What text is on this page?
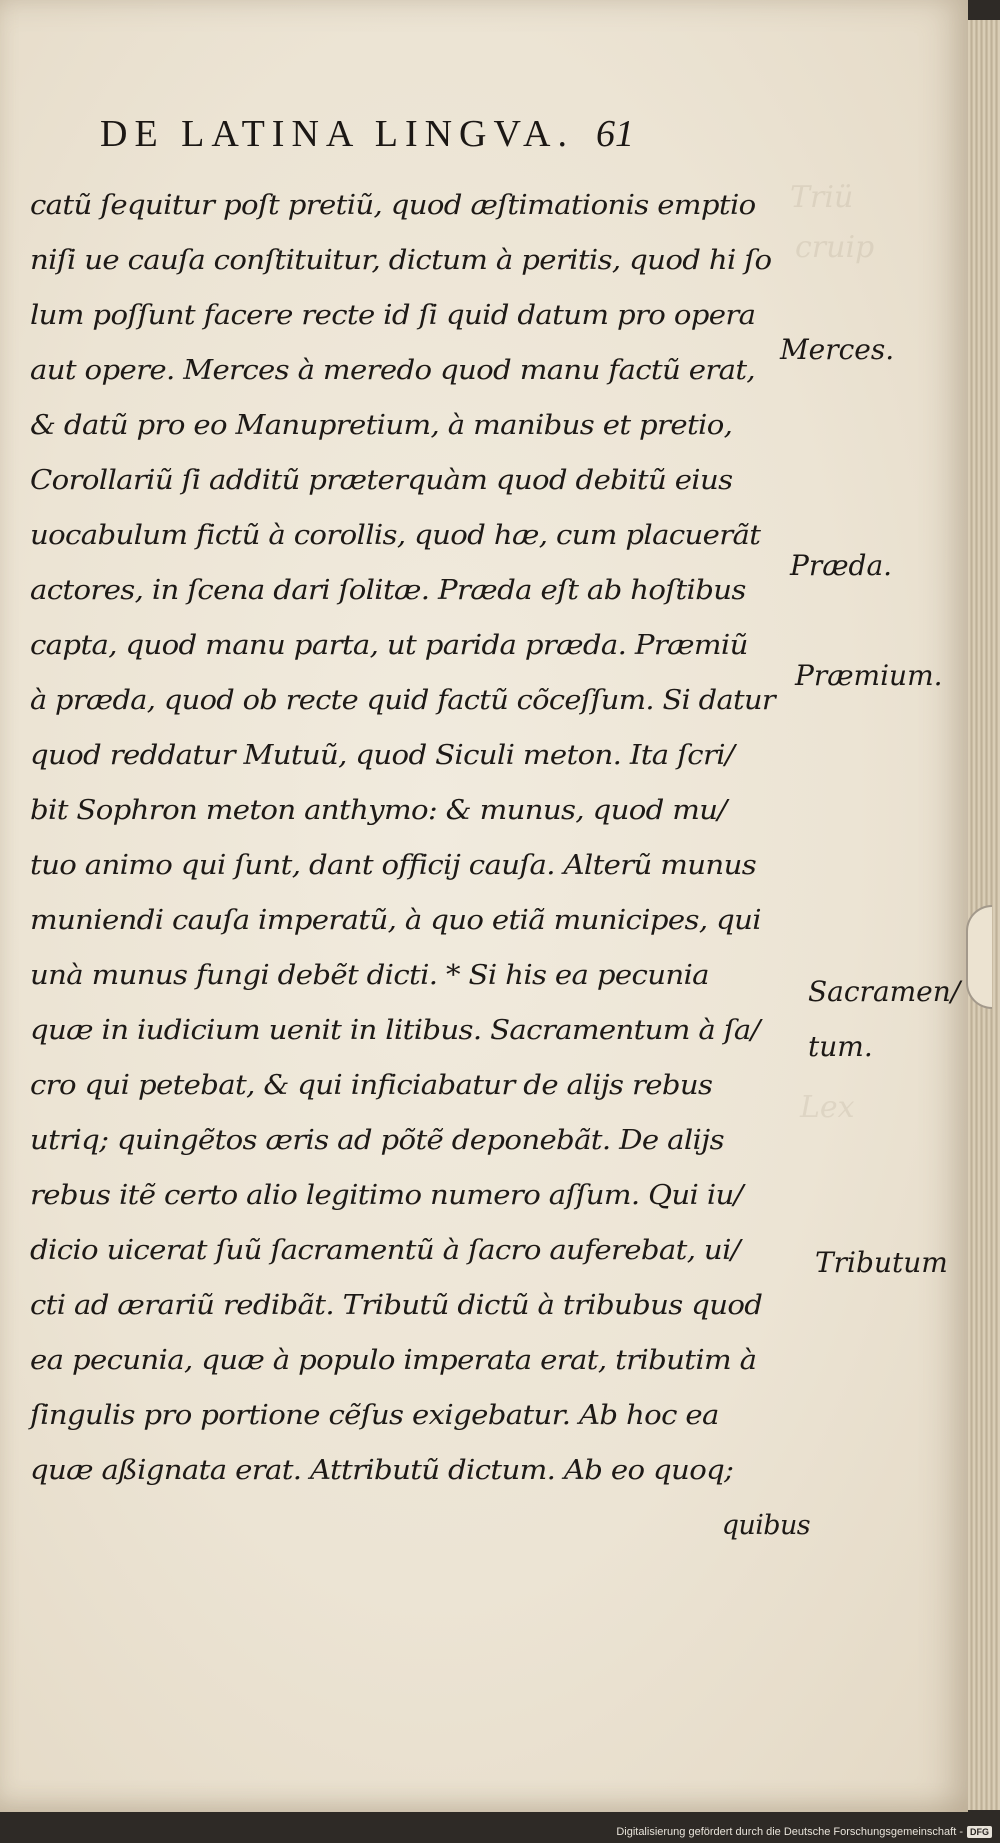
Triü
cruip
Lex
DE LATINA LINGVA. 61
catũ ſequitur poſt pretiũ, quod æſtimationis emptio
niſi ue cauſa conſtituitur, dictum à peritis, quod hi ſo
lum poſſunt facere recte id ſi quid datum pro opera
aut opere. Merces à meredo quod manu factũ erat,
& datũ pro eo Manupretium, à manibus et pretio,
Corollariũ ſi additũ præterquàm quod debitũ eius
uocabulum fictũ à corollis, quod hæ, cum placuerãt
actores, in ſcena dari ſolitæ. Præda eſt ab hoſtibus
capta, quod manu parta, ut parida præda. Præmiũ
à præda, quod ob recte quid factũ cõceſſum. Si datur
quod reddatur Mutuũ, quod Siculi meton. Ita ſcri/
bit Sophron meton anthymo: & munus, quod mu/
tuo animo qui ſunt, dant officij cauſa. Alterũ munus
muniendi cauſa imperatũ, à quo etiã municipes, qui
unà munus fungi debẽt dicti. * Si his ea pecunia
quæ in iudicium uenit in litibus. Sacramentum à ſa/
cro qui petebat, & qui inficiabatur de alijs rebus
utriq; quingẽtos æris ad põtẽ deponebãt. De alijs
rebus itẽ certo alio legitimo numero aſſum. Qui iu/
dicio uicerat ſuũ ſacramentũ à ſacro auferebat, ui/
cti ad ærariũ redibãt. Tributũ dictũ à tribubus quod
ea pecunia, quæ à populo imperata erat, tributim à
ſingulis pro portione cẽſus exigebatur. Ab hoc ea
quæ aßignata erat. Attributũ dictum. Ab eo quoq;
quibus
Merces.
Præda.
Præmium.
Sacramen/
tum.
Tributum
Digitalisierung gefördert durch die Deutsche Forschungsgemeinschaft - DFG
